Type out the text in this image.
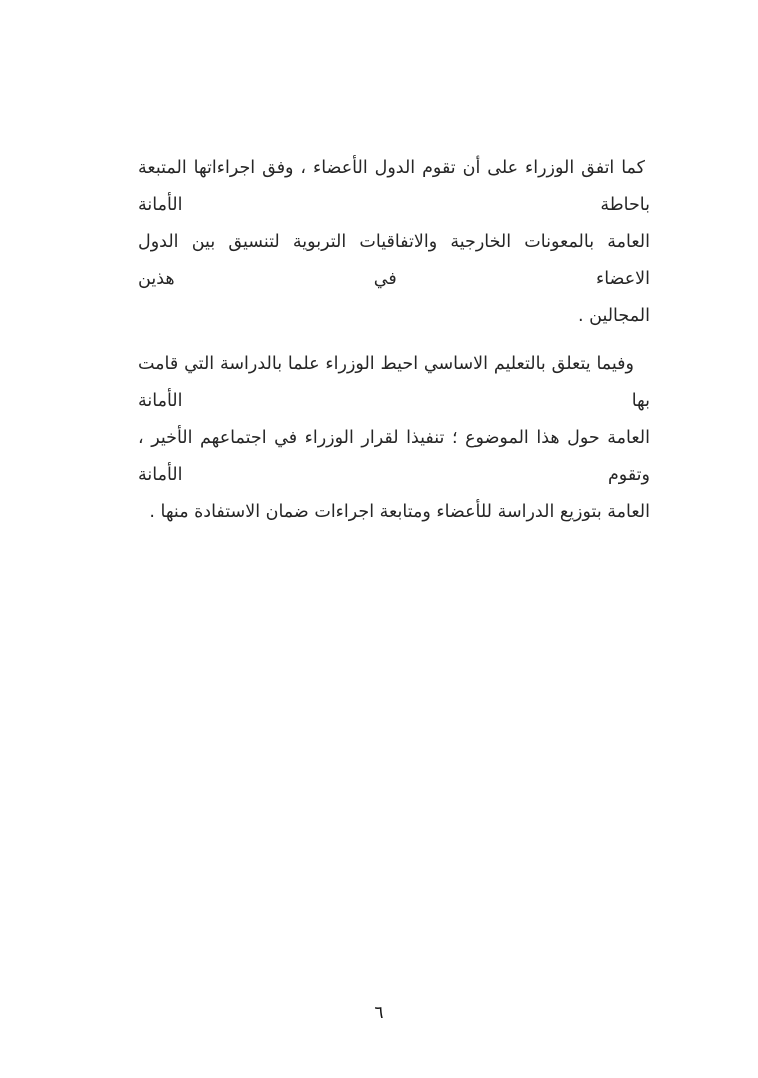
كما اتفق الوزراء على أن تقوم الدول الأعضاء ، وفق اجراءاتها المتبعة باحاطة الأمانة
العامة بالمعونات الخارجية والاتفاقيات التربوية لتنسيق بين الدول الاعضاء في هذين
المجالين .
وفيما يتعلق بالتعليم الاساسي احيط الوزراء علما بالدراسة التي قامت بها الأمانة
العامة حول هذا الموضوع ؛ تنفيذا لقرار الوزراء في اجتماعهم الأخير ، وتقوم الأمانة
العامة بتوزيع الدراسة للأعضاء ومتابعة اجراءات ضمان الاستفادة منها .
٦
